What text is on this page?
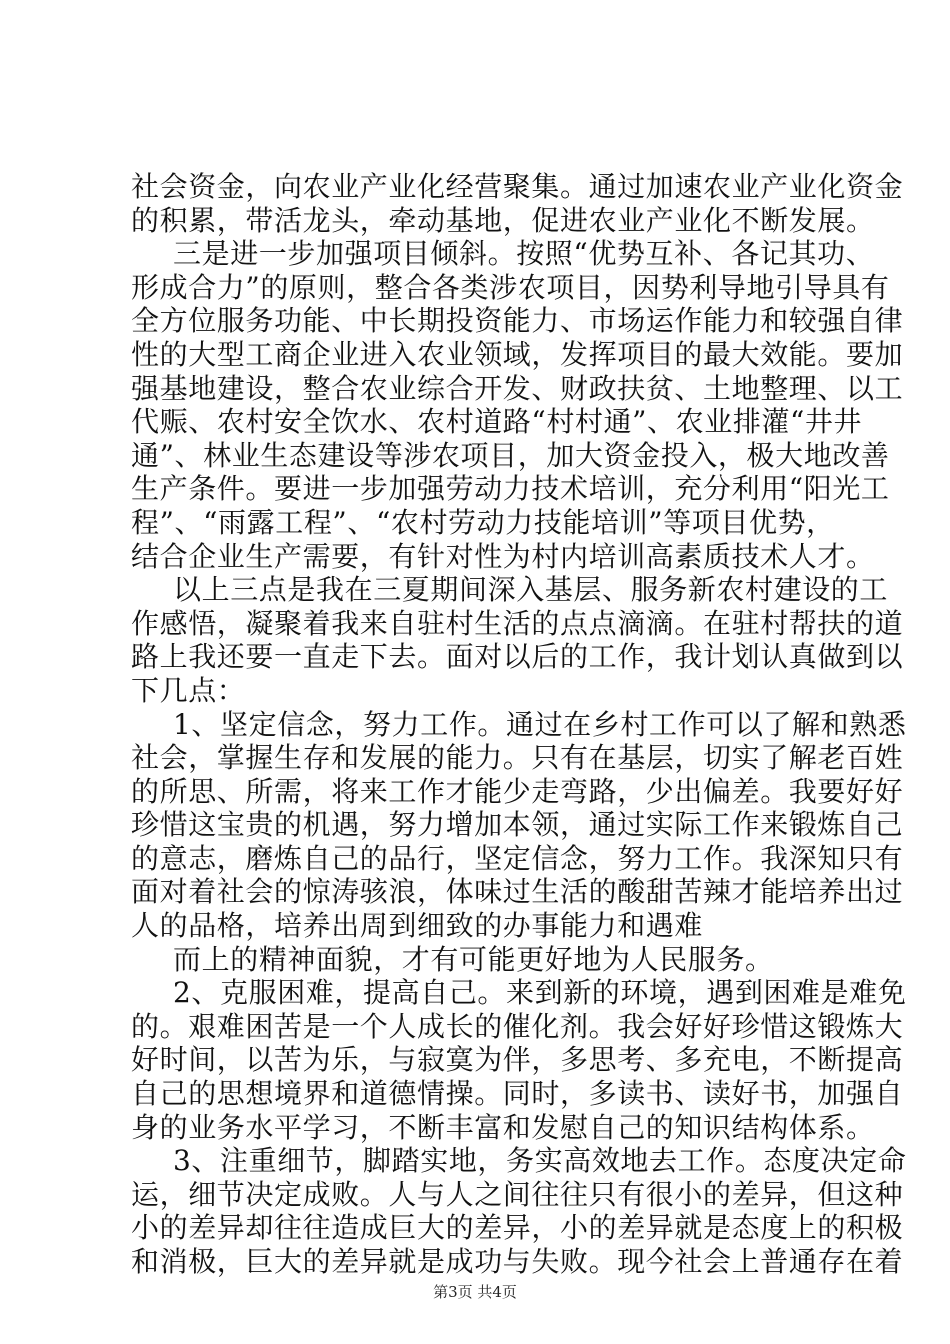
社会资金，向农业产业化经营聚集。通过加速农业产业化资金
的积累，带活龙头，牵动基地，促进农业产业化不断发展。
三是进一步加强项目倾斜。按照“优势互补、各记其功、
形成合力”的原则，整合各类涉农项目，因势利导地引导具有
全方位服务功能、中长期投资能力、市场运作能力和较强自律
性的大型工商企业进入农业领域，发挥项目的最大效能。要加
强基地建设，整合农业综合开发、财政扶贫、土地整理、以工
代赈、农村安全饮水、农村道路“村村通”、农业排灌“井井
通”、林业生态建设等涉农项目，加大资金投入，极大地改善
生产条件。要进一步加强劳动力技术培训，充分利用“阳光工
程”、“雨露工程”、“农村劳动力技能培训”等项目优势，
结合企业生产需要，有针对性为村内培训高素质技术人才。
以上三点是我在三夏期间深入基层、服务新农村建设的工
作感悟，凝聚着我来自驻村生活的点点滴滴。在驻村帮扶的道
路上我还要一直走下去。面对以后的工作，我计划认真做到以
下几点：
1、坚定信念，努力工作。通过在乡村工作可以了解和熟悉
社会，掌握生存和发展的能力。只有在基层，切实了解老百姓
的所思、所需，将来工作才能少走弯路，少出偏差。我要好好
珍惜这宝贵的机遇，努力增加本领，通过实际工作来锻炼自己
的意志，磨炼自己的品行，坚定信念，努力工作。我深知只有
面对着社会的惊涛骇浪，体味过生活的酸甜苦辣才能培养出过
人的品格，培养出周到细致的办事能力和遇难
而上的精神面貌，才有可能更好地为人民服务。
2、克服困难，提高自己。来到新的环境，遇到困难是难免
的。艰难困苦是一个人成长的催化剂。我会好好珍惜这锻炼大
好时间，以苦为乐，与寂寞为伴，多思考、多充电，不断提高
自己的思想境界和道德情操。同时，多读书、读好书，加强自
身的业务水平学习，不断丰富和发慰自己的知识结构体系。
3、注重细节，脚踏实地，务实高效地去工作。态度决定命
运，细节决定成败。人与人之间往往只有很小的差异，但这种
小的差异却往往造成巨大的差异，小的差异就是态度上的积极
和消极，巨大的差异就是成功与失败。现今社会上普通存在着
第3页 共4页
